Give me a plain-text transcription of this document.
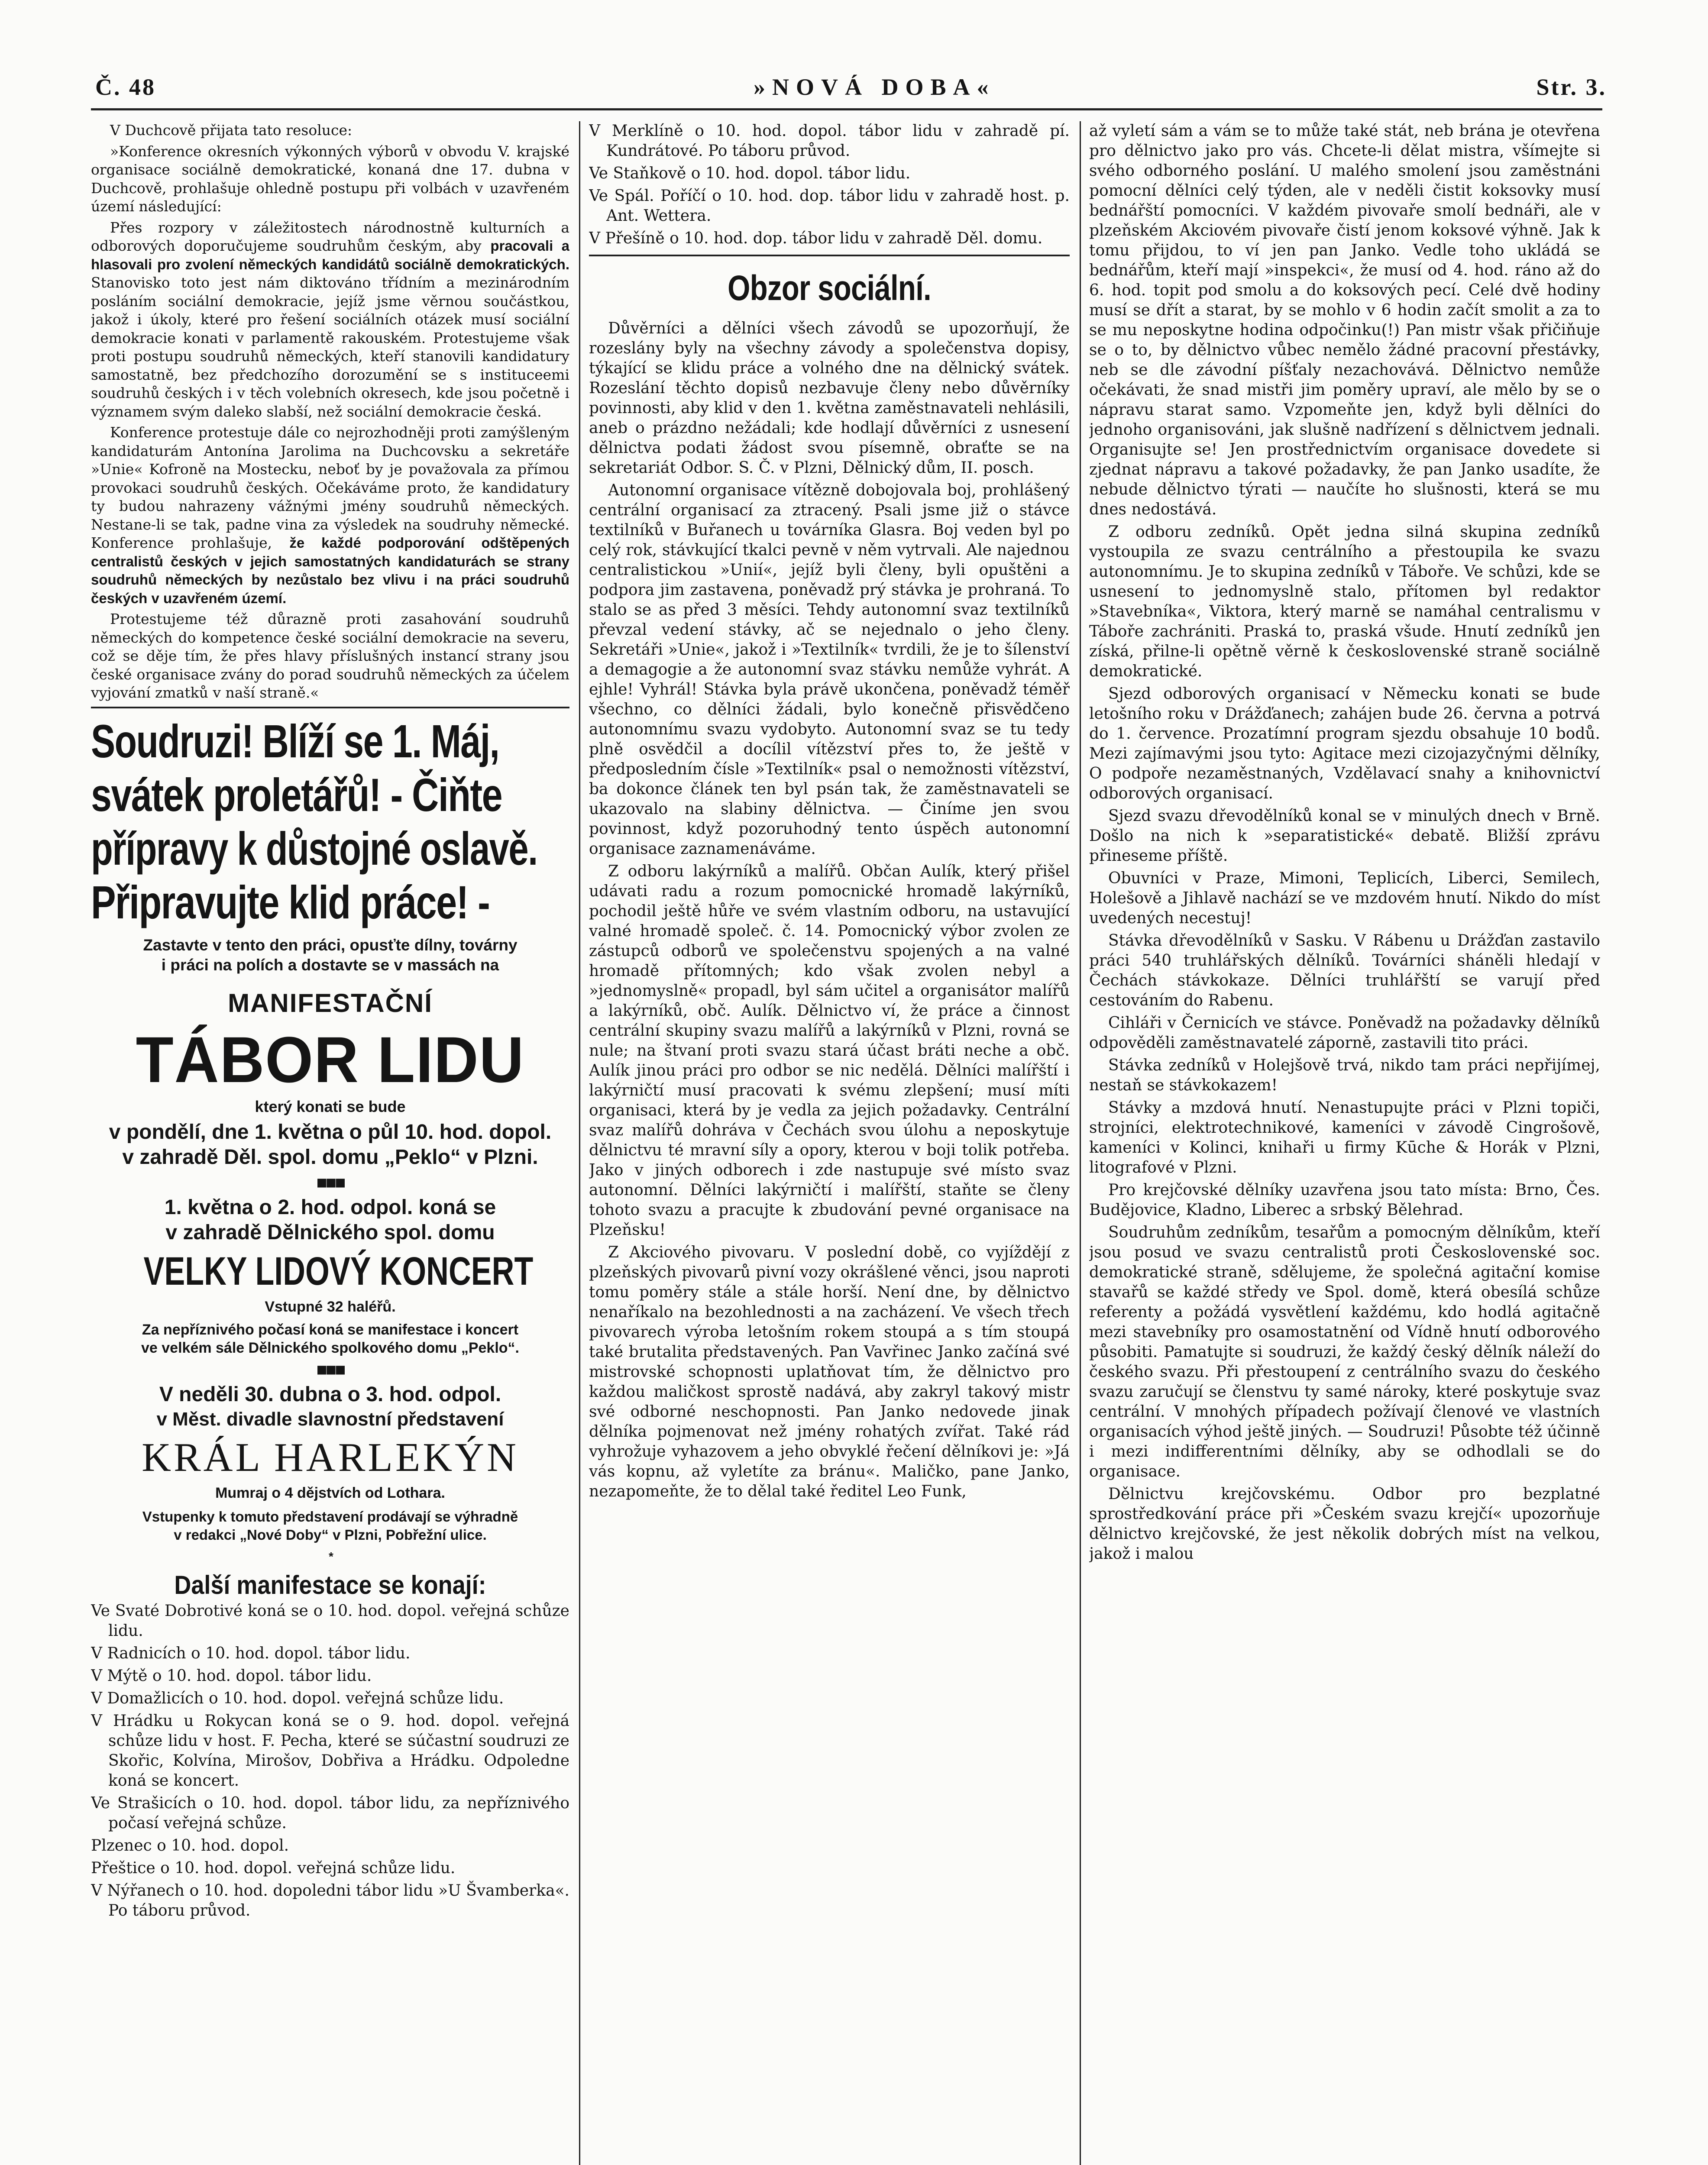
Č. 48	»NOVÁ DOBA«	Str. 3.

V Duchcově přijata tato resoluce:

»Konference okresních výkonných výborů v obvodu V. krajské organisace sociálně demokratické, konaná dne 17. dubna v Duchcově, prohlašuje ohledně postupu při volbách v uzavřeném území následující:

Přes rozpory v záležitostech národnostně kulturních a odborových doporučujeme soudruhům českým, aby pracovali a hlasovali pro zvolení německých kandidátů sociálně demokratických. Stanovisko toto jest nám diktováno třídním a mezinárodním posláním sociální demokracie, jejíž jsme věrnou součástkou, jakož i úkoly, které pro řešení sociálních otázek musí sociální demokracie konati v parlamentě rakouském. Protestujeme však proti postupu soudruhů německých, kteří stanovili kandidatury samostatně, bez předchozího dorozumění se s instituceemi soudruhů českých i v těch volebních okresech, kde jsou početně i významem svým daleko slabší, než sociální demokracie česká.

Konference protestuje dále co nejrozhodněji proti zamýšleným kandidaturám Antonína Jarolima na Duchcovsku a sekretáře »Unie« Kofroně na Mostecku, neboť by je považovala za přímou provokaci soudruhů českých. Očekáváme proto, že kandidatury ty budou nahrazeny vážnými jmény soudruhů německých. Nestane-li se tak, padne vina za výsledek na soudruhy německé. Konference prohlašuje, že každé podporování odštěpených centralistů českých v jejich samostatných kandidaturách se strany soudruhů německých by nezůstalo bez vlivu i na práci soudruhů českých v uzavřeném území.

Protestujeme též důrazně proti zasahování soudruhů německých do kompetence české sociální demokracie na severu, což se děje tím, že přes hlavy příslušných instancí strany jsou české organisace zvány do porad soudruhů německých za účelem vyjování zmatků v naší straně.«

Soudruzi! Blíží se 1. Máj,

svátek proletářů! - Čiňte

přípravy k důstojné oslavě.

Připravujte klid práce! -

Zastavte v tento den práci, opusťte dílny, továrny

i práci na polích a dostavte se v massách na

MANIFESTAČNÍ

TÁBOR LIDU

který konati se bude

v pondělí, dne 1. května o půl 10. hod. dopol.

v zahradě Děl. spol. domu „Peklo“ v Plzni.

■■■

1. května o 2. hod. odpol. koná se

v zahradě Dělnického spol. domu

VELKY LIDOVÝ KONCERT

Vstupné 32 haléřů.

Za nepříznivého počasí koná se manifestace i koncert

ve velkém sále Dělnického spolkového domu „Peklo“.

■■■

V neděli 30. dubna o 3. hod. odpol.

v Měst. divadle slavnostní představení

KRÁL HARLEKÝN

Mumraj o 4 dějstvích od Lothara.

Vstupenky k tomuto představení prodávají se výhradně

v redakci „Nové Doby“ v Plzni, Pobřežní ulice.

*

Další manifestace se konají:

Ve Svaté Dobrotivé koná se o 10. hod. dopol. veřejná schůze lidu.

V Radnicích o 10. hod. dopol. tábor lidu.

V Mýtě o 10. hod. dopol. tábor lidu.

V Domažlicích o 10. hod. dopol. veřejná schůze lidu.

V Hrádku u Rokycan koná se o 9. hod. dopol. veřejná schůze lidu v host. F. Pecha, které se súčastní soudruzi ze Skořic, Kolvína, Mirošov, Dobřiva a Hrádku. Odpoledne koná se koncert.

Ve Strašicích o 10. hod. dopol. tábor lidu, za nepříznivého počasí veřejná schůze.

Plzenec o 10. hod. dopol.

Přeštice o 10. hod. dopol. veřejná schůze lidu.

V Nýřanech o 10. hod. dopoledni tábor lidu »U Švamberka«. Po táboru průvod.

V Merklíně o 10. hod. dopol. tábor lidu v zahradě pí. Kundrátové. Po táboru průvod.

Ve Staňkově o 10. hod. dopol. tábor lidu.

Ve Spál. Poříčí o 10. hod. dop. tábor lidu v zahradě host. p. Ant. Wettera.

V Přešíně o 10. hod. dop. tábor lidu v zahradě Děl. domu.

Obzor sociální.

Důvěrníci a dělníci všech závodů se upozorňují, že rozeslány byly na všechny závody a společenstva dopisy, týkající se klidu práce a volného dne na dělnický svátek. Rozeslání těchto dopisů nezbavuje členy nebo důvěrníky povinnosti, aby klid v den 1. května zaměstnavateli nehlásili, aneb o prázdno nežádali; kde hodlají důvěrníci z usnesení dělnictva podati žádost svou písemně, obraťte se na sekretariát Odbor. S. Č. v Plzni, Dělnický dům, II. posch.

Autonomní organisace vítězně dobojovala boj, prohlášený centrální organisací za ztracený. Psali jsme již o stávce textilníků v Buřanech u továrníka Glasra. Boj veden byl po celý rok, stávkující tkalci pevně v něm vytrvali. Ale najednou centralistickou »Unií«, jejíž byli členy, byli opuštěni a podpora jim zastavena, poněvadž prý stávka je prohraná. To stalo se as před 3 měsíci. Tehdy autonomní svaz textilníků převzal vedení stávky, ač se nejednalo o jeho členy. Sekretáři »Unie«, jakož i »Textilník« tvrdili, že je to šílenství a demagogie a že autonomní svaz stávku nemůže vyhrát. A ejhle! Vyhrál! Stávka byla právě ukončena, poněvadž téměř všechno, co dělníci žádali, bylo konečně přisvědčeno autonomnímu svazu vydobyto. Autonomní svaz se tu tedy plně osvědčil a docílil vítězství přes to, že ještě v předposledním čísle »Textilník« psal o nemožnosti vítězství, ba dokonce článek ten byl psán tak, že zaměstnavateli se ukazovalo na slabiny dělnictva. — Činíme jen svou povinnost, když pozoruhodný tento úspěch autonomní organisace zaznamenáváme.

Z odboru lakýrníků a malířů. Občan Aulík, který přišel udávati radu a rozum pomocnické hromadě lakýrníků, pochodil ještě hůře ve svém vlastním odboru, na ustavující valné hromadě společ. č. 14. Pomocnický výbor zvolen ze zástupců odborů ve společenstvu spojených a na valné hromadě přítomných; kdo však zvolen nebyl a »jednomyslně« propadl, byl sám učitel a organisátor malířů a lakýrníků, obč. Aulík. Dělnictvo ví, že práce a činnost centrální skupiny svazu malířů a lakýrníků v Plzni, rovná se nule; na štvaní proti svazu stará účast bráti neche a obč. Aulík jinou práci pro odbor se nic nedělá. Dělníci malířští i lakýrničtí musí pracovati k svému zlepšení; musí míti organisaci, která by je vedla za jejich požadavky. Centrální svaz malířů dohráva v Čechách svou úlohu a neposkytuje dělnictvu té mravní síly a opory, kterou v boji tolik potřeba. Jako v jiných odborech i zde nastupuje své místo svaz autonomní. Dělníci lakýrničtí i malířští, staňte se členy tohoto svazu a pracujte k zbudování pevné organisace na Plzeňsku!

Z Akciového pivovaru. V poslední době, co vyjíždějí z plzeňských pivovarů pivní vozy okrášlené věnci, jsou naproti tomu poměry stále a stále horší. Není dne, by dělnictvo nenaříkalo na bezohlednosti a na zacházení. Ve všech třech pivovarech výroba letošním rokem stoupá a s tím stoupá také brutalita představených. Pan Vavřinec Janko začíná své mistrovské schopnosti uplatňovat tím, že dělnictvo pro každou maličkost sprostě nadává, aby zakryl takový mistr své odborné neschopnosti. Pan Janko nedovede jinak dělníka pojmenovat než jmény rohatých zvířat. Také rád vyhrožuje vyhazovem a jeho obvyklé řečení dělníkovi je: »Já vás kopnu, až vyletíte za bránu«. Maličko, pane Janko, nezapomeňte, že to dělal také ředitel Leo Funk,

až vyletí sám a vám se to může také stát, neb brána je otevřena pro dělnictvo jako pro vás. Chcete-li dělat mistra, všímejte si svého odborného poslání. U malého smolení jsou zaměstnáni pomocní dělníci celý týden, ale v neděli čistit koksovky musí bednářští pomocníci. V každém pivovaře smolí bednáři, ale v plzeňském Akciovém pivovaře čistí jenom koksové výhně. Jak k tomu přijdou, to ví jen pan Janko. Vedle toho ukládá se bednářům, kteří mají »inspekci«, že musí od 4. hod. ráno až do 6. hod. topit pod smolu a do koksových pecí. Celé dvě hodiny musí se dřít a starat, by se mohlo v 6 hodin začít smolit a za to se mu neposkytne hodina odpočinku(!) Pan mistr však přičiňuje se o to, by dělnictvo vůbec nemělo žádné pracovní přestávky, neb se dle závodní píšťaly nezachovává. Dělnictvo nemůže očekávati, že snad mistři jim poměry upraví, ale mělo by se o nápravu starat samo. Vzpomeňte jen, když byli dělníci do jednoho organisováni, jak slušně nadřízení s dělnictvem jednali. Organisujte se! Jen prostřednictvím organisace dovedete si zjednat nápravu a takové požadavky, že pan Janko usadíte, že nebude dělnictvo týrati — naučíte ho slušnosti, která se mu dnes nedostává.

Z odboru zedníků. Opět jedna silná skupina zedníků vystoupila ze svazu centrálního a přestoupila ke svazu autonomnímu. Je to skupina zedníků v Táboře. Ve schůzi, kde se usnesení to jednomyslně stalo, přítomen byl redaktor »Stavebníka«, Viktora, který marně se namáhal centralismu v Táboře zachrániti. Praská to, praská všude. Hnutí zedníků jen získá, přilne-li opětně věrně k československé straně sociálně demokratické.

Sjezd odborových organisací v Německu konati se bude letošního roku v Drážďanech; zahájen bude 26. června a potrvá do 1. července. Prozatímní program sjezdu obsahuje 10 bodů. Mezi zajímavými jsou tyto: Agitace mezi cizojazyčnými dělníky, O podpoře nezaměstnaných, Vzdělavací snahy a knihovnictví odborových organisací.

Sjezd svazu dřevodělníků konal se v minulých dnech v Brně. Došlo na nich k »separatistické« debatě. Bližší zprávu přineseme příště.

Obuvníci v Praze, Mimoni, Teplicích, Liberci, Semilech, Holešově a Jihlavě nachází se ve mzdovém hnutí. Nikdo do míst uvedených necestuj!

Stávka dřevodělníků v Sasku. V Rábenu u Drážďan zastavilo práci 540 truhlářských dělníků. Továrníci sháněli hledají v Čechách stávkokaze. Dělníci truhlářští se varují před cestováním do Rabenu.

Cihláři v Černicích ve stávce. Poněvadž na požadavky dělníků odpověděli zaměstnavatelé záporně, zastavili tito práci.

Stávka zedníků v Holejšově trvá, nikdo tam práci nepřijímej, nestaň se stávkokazem!

Stávky a mzdová hnutí. Nenastupujte práci v Plzni topiči, strojníci, elektrotechnikové, kameníci v závodě Cingrošově, kameníci v Kolinci, knihaři u firmy Kūche & Horák v Plzni, litografové v Plzni.

Pro krejčovské dělníky uzavřena jsou tato místa: Brno, Čes. Budějovice, Kladno, Liberec a srbský Bělehrad.

Soudruhům zedníkům, tesařům a pomocným dělníkům, kteří jsou posud ve svazu centralistů proti Československé soc. demokratické straně, sdělujeme, že společná agitační komise stavařů se každé středy ve Spol. domě, která obesílá schůze referenty a požádá vysvětlení každému, kdo hodlá agitačně mezi stavebníky pro osamostatnění od Vídně hnutí odborového působiti. Pamatujte si soudruzi, že každý český dělník náleží do českého svazu. Při přestoupení z centrálního svazu do českého svazu zaručují se členstvu ty samé nároky, které poskytuje svaz centrální. V mnohých případech požívají členové ve vlastních organisacích výhod ještě jiných. — Soudruzi! Působte též účinně i mezi indifferentními dělníky, aby se odhodlali se do organisace.

Dělnictvu krejčovskému. Odbor pro bezplatné sprostředkování práce při »Českém svazu krejčí« upozorňuje dělnictvo krejčovské, že jest několik dobrých míst na velkou, jakož i malou
